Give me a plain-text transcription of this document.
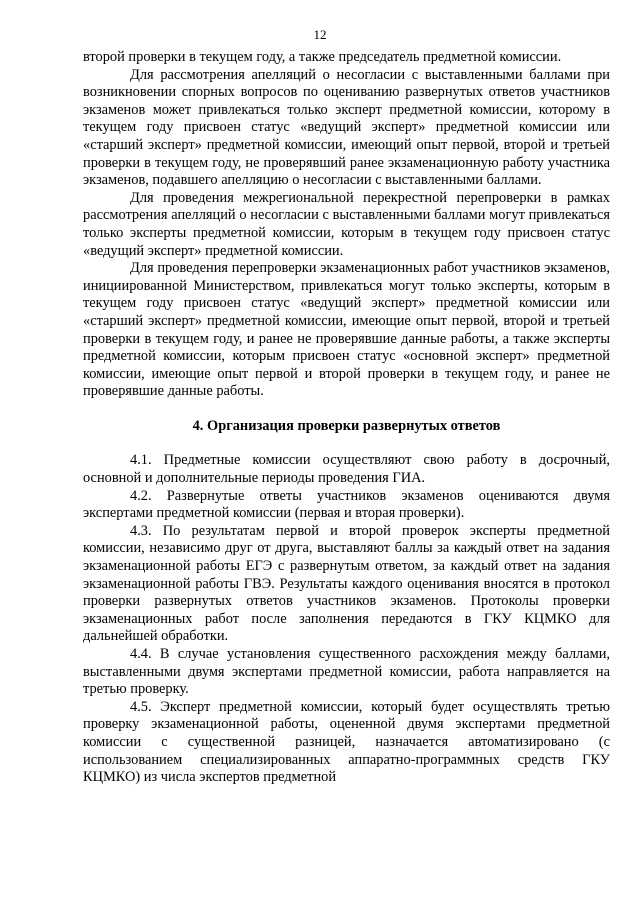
12

второй проверки в текущем году, а также председатель предметной комиссии.

Для рассмотрения апелляций о несогласии с выставленными баллами при возникновении спорных вопросов по оцениванию развернутых ответов участников экзаменов может привлекаться только эксперт предметной комиссии, которому в текущем году присвоен статус «ведущий эксперт» предметной комиссии или «старший эксперт» предметной комиссии, имеющий опыт первой, второй и третьей проверки в текущем году, не проверявший ранее экзаменационную работу участника экзаменов, подавшего апелляцию о несогласии с выставленными баллами.

Для проведения межрегиональной перекрестной перепроверки в рамках рассмотрения апелляций о несогласии с выставленными баллами могут привлекаться только эксперты предметной комиссии, которым в текущем году присвоен статус «ведущий эксперт» предметной комиссии.

Для проведения перепроверки экзаменационных работ участников экзаменов, инициированной Министерством, привлекаться могут только эксперты, которым в текущем году присвоен статус «ведущий эксперт» предметной комиссии или «старший эксперт» предметной комиссии, имеющие опыт первой, второй и третьей проверки в текущем году, и ранее не проверявшие данные работы, а также эксперты предметной комиссии, которым присвоен статус «основной эксперт» предметной комиссии, имеющие опыт первой и второй проверки в текущем году, и ранее не проверявшие данные работы.

4. Организация проверки развернутых ответов

4.1. Предметные комиссии осуществляют свою работу в досрочный, основной и дополнительные периоды проведения ГИА.

4.2. Развернутые ответы участников экзаменов оцениваются двумя экспертами предметной комиссии (первая и вторая проверки).

4.3. По результатам первой и второй проверок эксперты предметной комиссии, независимо друг от друга, выставляют баллы за каждый ответ на задания экзаменационной работы ЕГЭ с развернутым ответом, за каждый ответ на задания экзаменационной работы ГВЭ. Результаты каждого оценивания вносятся в протокол проверки развернутых ответов участников экзаменов. Протоколы проверки экзаменационных работ после заполнения передаются в ГКУ КЦМКО для дальнейшей обработки.

4.4. В случае установления существенного расхождения между баллами, выставленными двумя экспертами предметной комиссии, работа направляется на третью проверку.

4.5. Эксперт предметной комиссии, который будет осуществлять третью проверку экзаменационной работы, оцененной двумя экспертами предметной комиссии с существенной разницей, назначается автоматизировано (с использованием специализированных аппаратно-программных средств ГКУ КЦМКО) из числа экспертов предметной
